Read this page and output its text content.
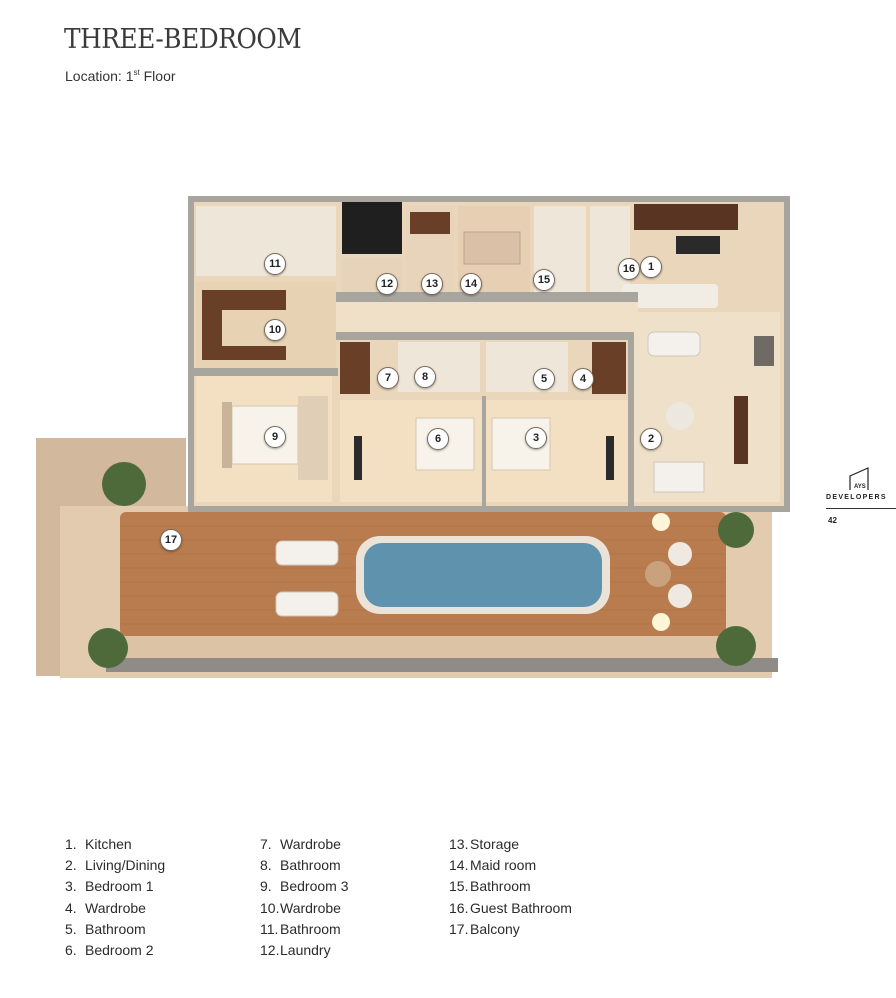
THREE-BEDROOM
Location: 1st Floor
1
2
3
4
5
6
7	8
9
10
11
12	13	14	15
16
17
AYS
DEVELOPERS
42
1. Kitchen
2. Living/Dining
3. Bedroom 1
4. Wardrobe
5. Bathroom
6. Bedroom 2
7. Wardrobe
8. Bathroom
9. Bedroom 3
10.Wardrobe
11. Bathroom
12.Laundry
13. Storage
14. Maid room
15. Bathroom
16. Guest Bathroom
17. Balcony
